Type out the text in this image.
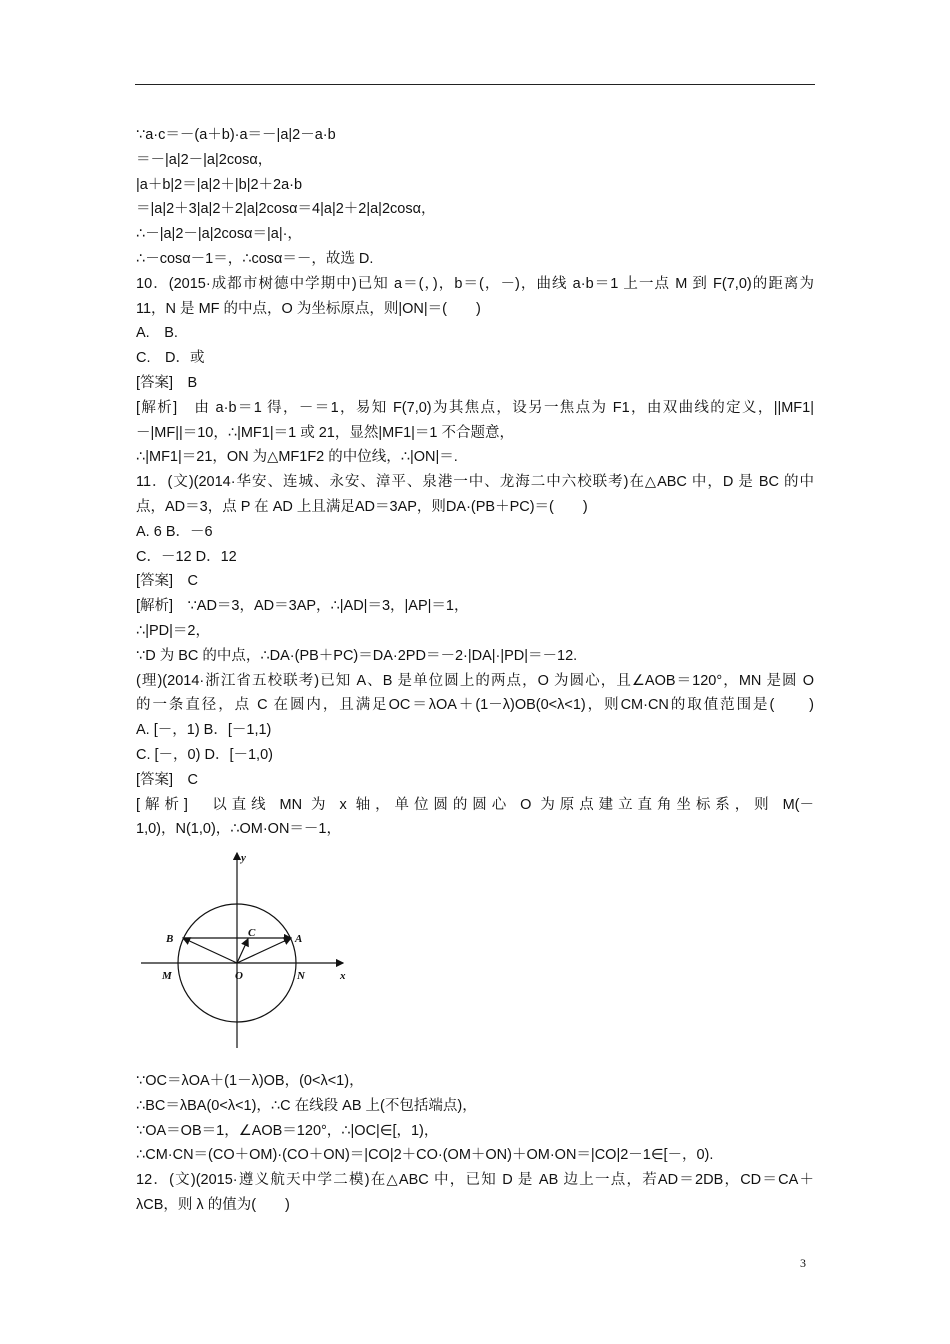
∵a·c＝－(a＋b)·a＝－|a|2－a·b
＝－|a|2－|a|2cosα，
|a＋b|2＝|a|2＋|b|2＋2a·b
＝|a|2＋3|a|2＋2|a|2cosα＝4|a|2＋2|a|2cosα，
∴－|a|2－|a|2cosα＝|a|·，
∴－cosα－1＝，∴cosα＝－，故选 D.
10．(2015·成都市树德中学期中)已知 a＝(，)，b＝(，－)，曲线 a·b＝1 上一点 M 到 F(7,0)的距离为
11，N 是 MF 的中点，O 为坐标原点，则|ON|＝(　　)
A.　B.
C.　D．或
[答案]　B
[解析]　由 a·b＝1 得，－＝1，易知 F(7,0)为其焦点，设另一焦点为 F1，由双曲线的定义，||MF1|
－|MF||＝10，∴|MF1|＝1 或 21，显然|MF1|＝1 不合题意，
∴|MF1|＝21，ON 为△MF1F2 的中位线，∴|ON|＝.
11．(文)(2014·华安、连城、永安、漳平、泉港一中、龙海二中六校联考)在△ABC 中，D 是 BC 的中
点，AD＝3，点 P 在 AD 上且满足AD＝3AP，则DA·(PB＋PC)＝(　　)
A. 6 B．－6
C．－12 D．12
[答案]　C
[解析]　∵AD＝3，AD＝3AP，∴|AD|＝3，|AP|＝1，
∴|PD|＝2，
∵D 为 BC 的中点，∴DA·(PB＋PC)＝DA·2PD＝－2·|DA|·|PD|＝－12.
(理)(2014·浙江省五校联考)已知 A、B 是单位圆上的两点，O 为圆心，且∠AOB＝120°，MN 是圆 O
的一条直径，点 C 在圆内，且满足OC＝λOA＋(1－λ)OB(0<λ<1)，则CM·CN的取值范围是(　　)
A. [－，1) B．[－1,1)
C. [－，0) D．[－1,0)
[答案]　C
[解析]　以直线 MN 为 x 轴，单位圆的圆心 O 为原点建立直角坐标系，则 M(－
1,0)，N(1,0)，∴OM·ON＝－1，
y
x
B	A
C
M	O	N
∵OC＝λOA＋(1－λ)OB，(0<λ<1)，
∴BC＝λBA(0<λ<1)，∴C 在线段 AB 上(不包括端点)，
∵OA＝OB＝1，∠AOB＝120°，∴|OC|∈[，1)，
∴CM·CN＝(CO＋OM)·(CO＋ON)＝|CO|2＋CO·(OM＋ON)＋OM·ON＝|CO|2－1∈[－，0).
12．(文)(2015·遵义航天中学二模)在△ABC 中，已知 D 是 AB 边上一点，若AD＝2DB，CD＝CA＋
λCB，则 λ 的值为(　　)
3
